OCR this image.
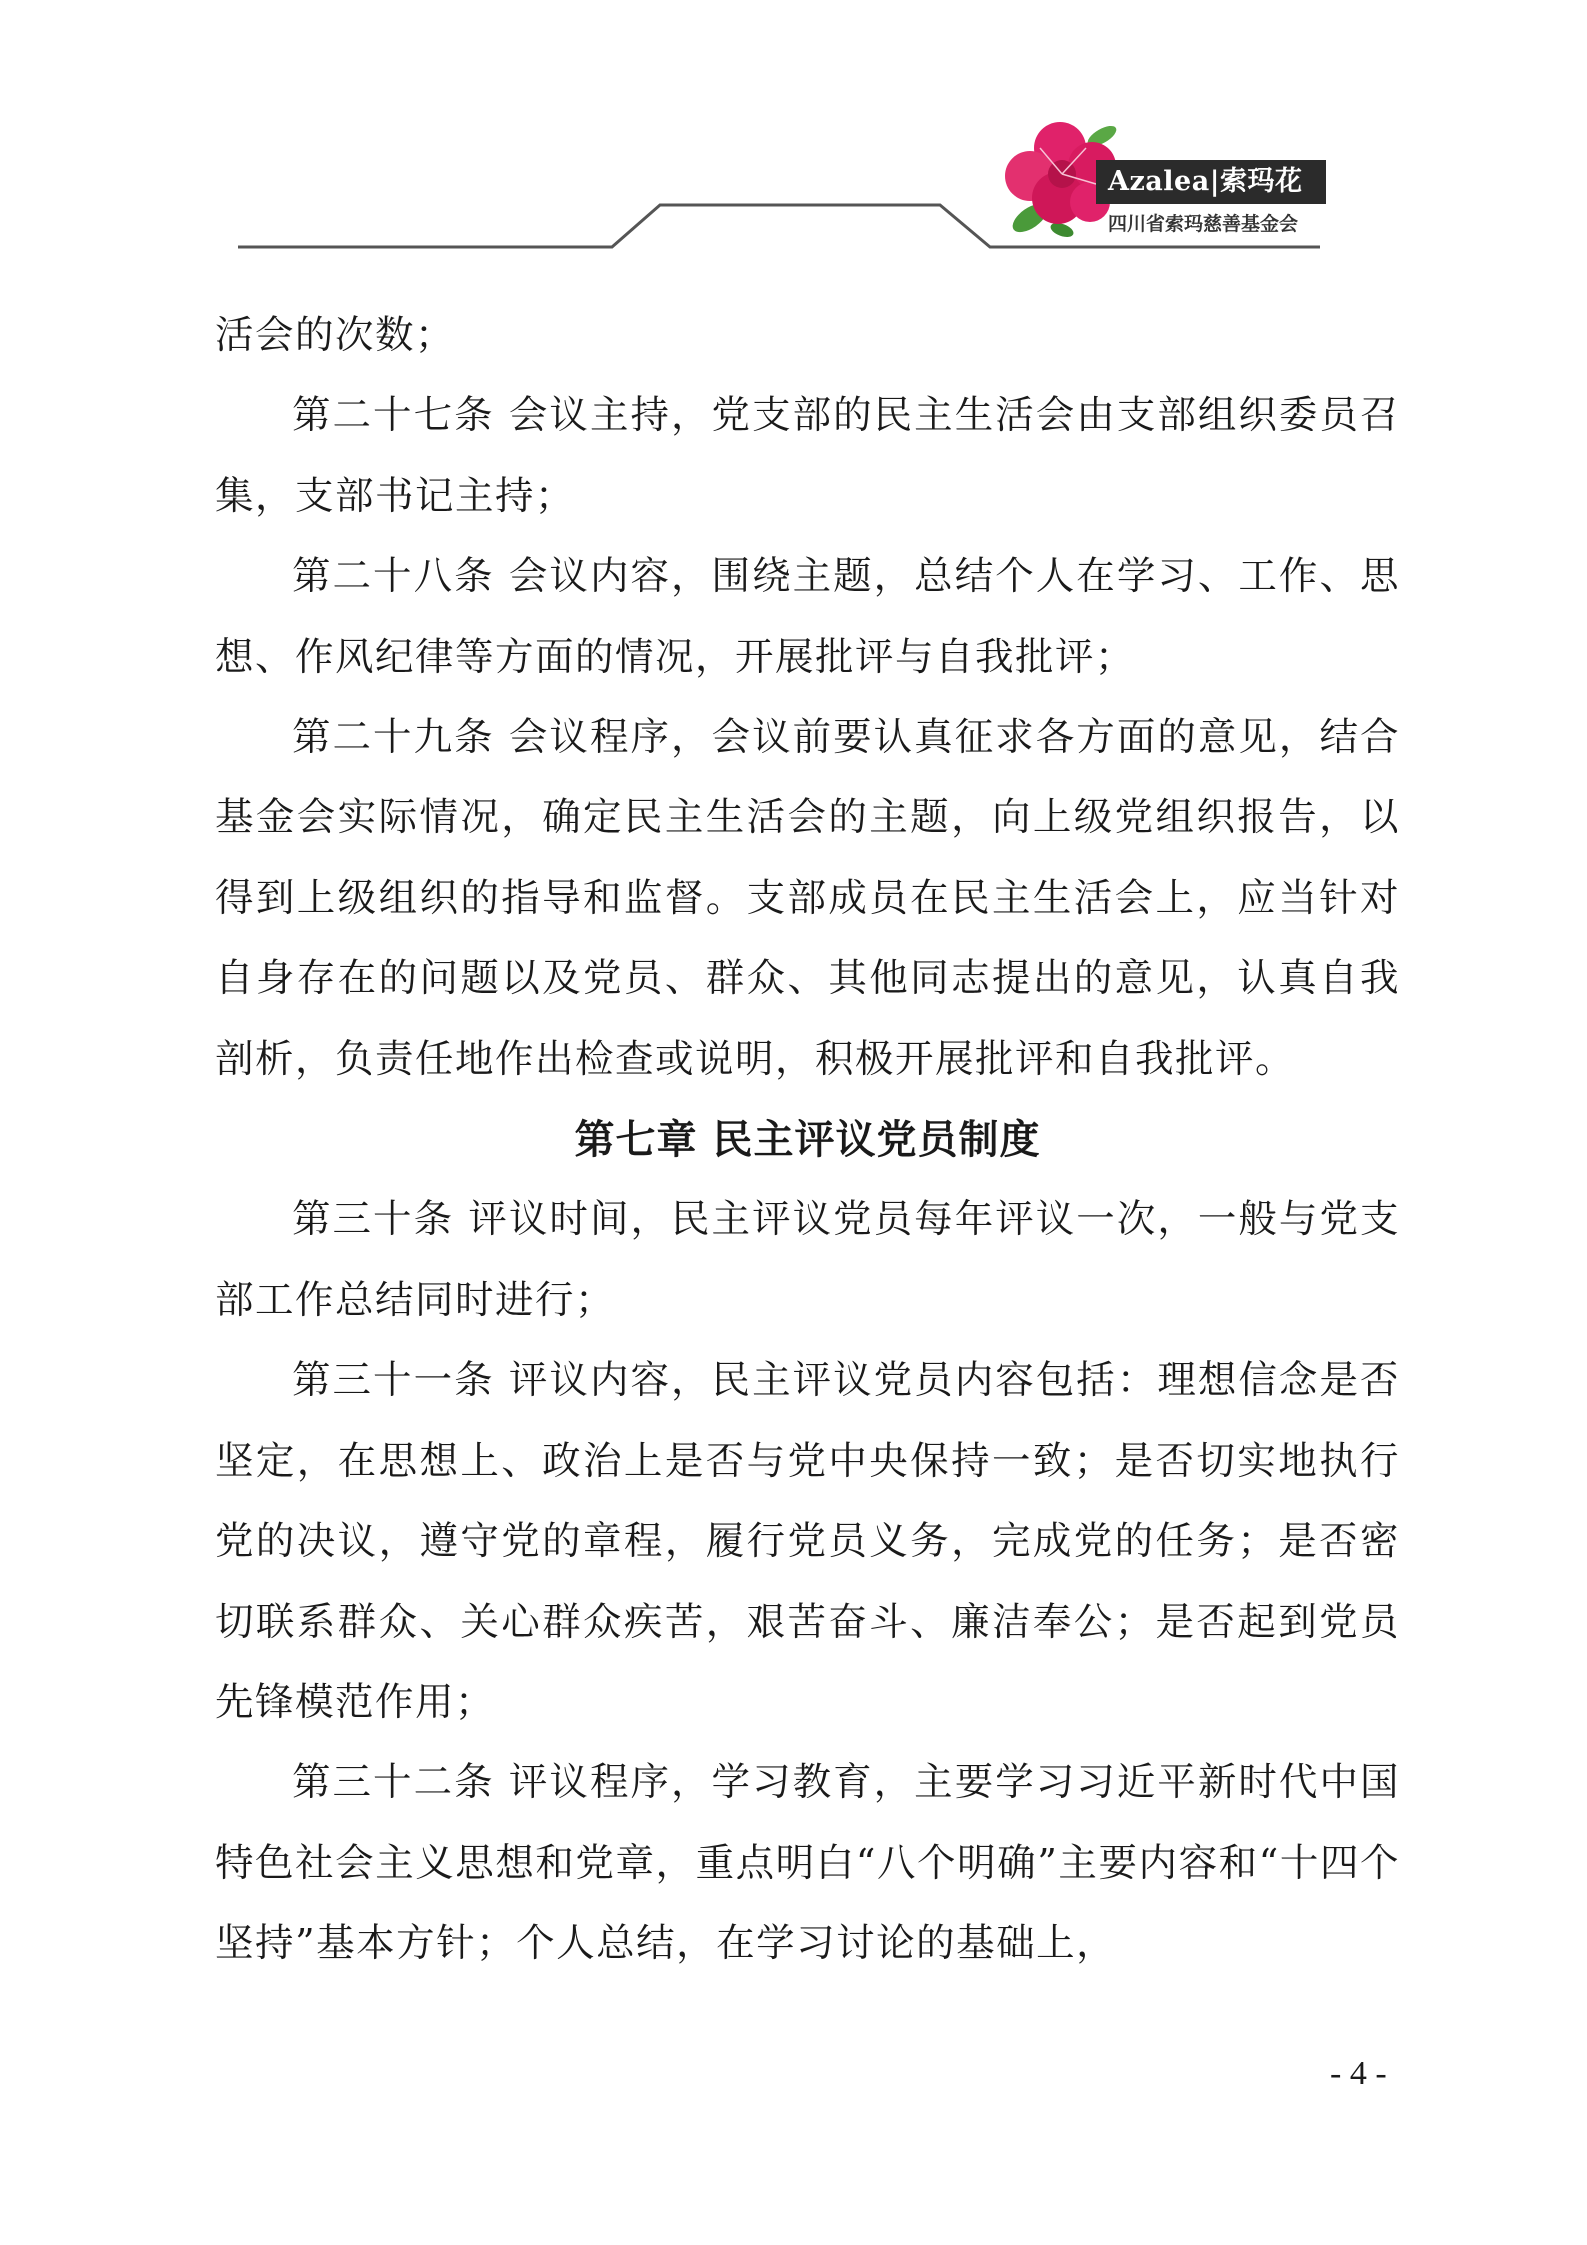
Azalea|索玛花
四川省索玛慈善基金会

活会的次数；

第二十七条 会议主持，党支部的民主生活会由支部组织委员召集，支部书记主持；

第二十八条 会议内容，围绕主题，总结个人在学习、工作、思想、作风纪律等方面的情况，开展批评与自我批评；

第二十九条 会议程序，会议前要认真征求各方面的意见，结合基金会实际情况，确定民主生活会的主题，向上级党组织报告，以得到上级组织的指导和监督。支部成员在民主生活会上，应当针对自身存在的问题以及党员、群众、其他同志提出的意见，认真自我剖析，负责任地作出检查或说明，积极开展批评和自我批评。

第七章 民主评议党员制度

第三十条 评议时间，民主评议党员每年评议一次，一般与党支部工作总结同时进行；

第三十一条 评议内容，民主评议党员内容包括：理想信念是否坚定，在思想上、政治上是否与党中央保持一致；是否切实地执行党的决议，遵守党的章程，履行党员义务，完成党的任务；是否密切联系群众、关心群众疾苦，艰苦奋斗、廉洁奉公；是否起到党员先锋模范作用；

第三十二条 评议程序，学习教育，主要学习习近平新时代中国特色社会主义思想和党章，重点明白“八个明确”主要内容和“十四个坚持”基本方针；个人总结，在学习讨论的基础上，

- 4 -
